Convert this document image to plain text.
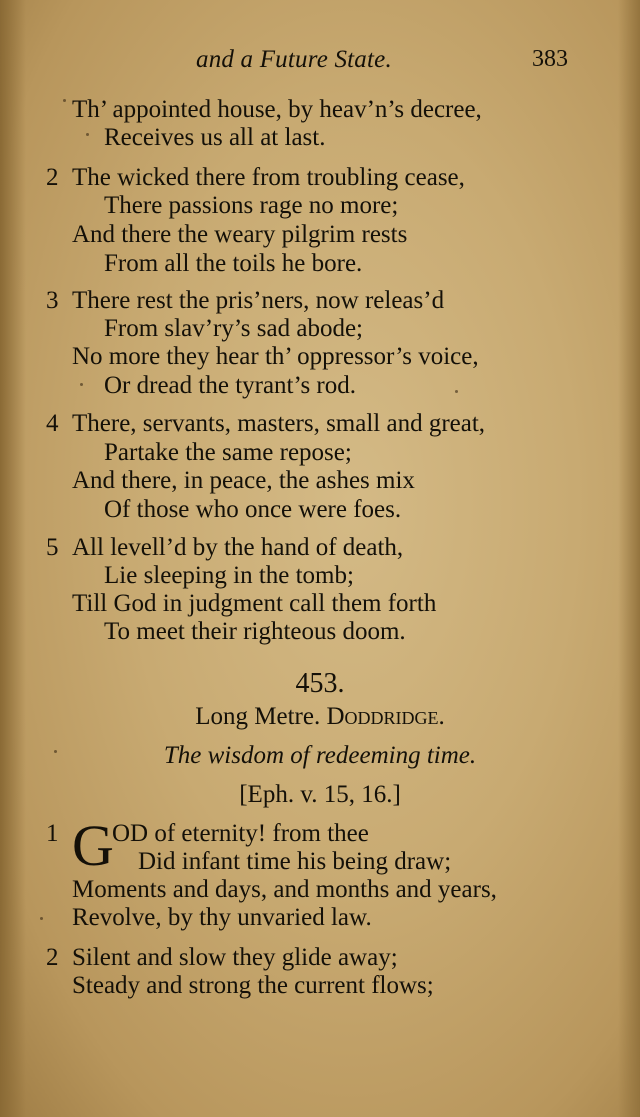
and a Future State.	383
Th’ appointed house, by heav’n’s decree,
Receives us all at last.
2 The wicked there from troubling cease,
There passions rage no more;
And there the weary pilgrim rests
From all the toils he bore.
3 There rest the pris’ners, now releas’d
From slav’ry’s sad abode;
No more they hear th’ oppressor’s voice,
Or dread the tyrant’s rod.
4 There, servants, masters, small and great,
Partake the same repose;
And there, in peace, the ashes mix
Of those who once were foes.
5 All levell’d by the hand of death,
Lie sleeping in the tomb;
Till God in judgment call them forth
To meet their righteous doom.
453.
Long Metre. Doddridge.
The wisdom of redeeming time.
[Eph. v. 15, 16.]
1 G
OD of eternity! from thee
Did infant time his being draw;
Moments and days, and months and years,
Revolve, by thy unvaried law.
2 Silent and slow they glide away;
Steady and strong the current flows;
